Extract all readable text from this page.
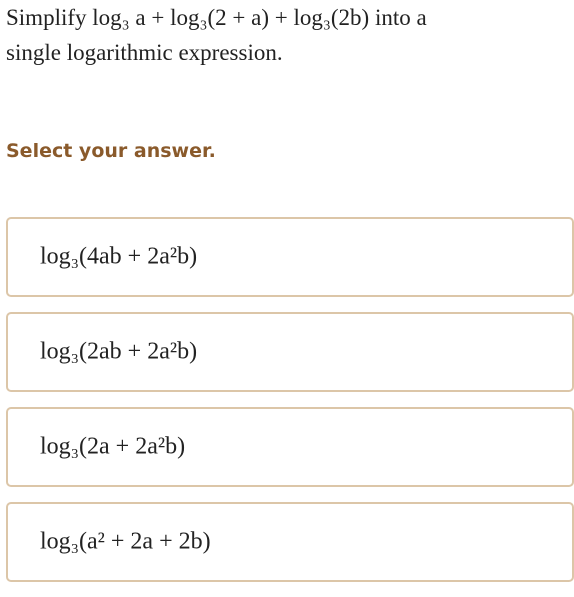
Simplify log₃ a + log₃(2 + a) + log₃(2b) into a
single logarithmic expression.
Select your answer.
log₃(4ab + 2a²b)
log₃(2ab + 2a²b)
log₃(2a + 2a²b)
log₃(a² + 2a + 2b)
